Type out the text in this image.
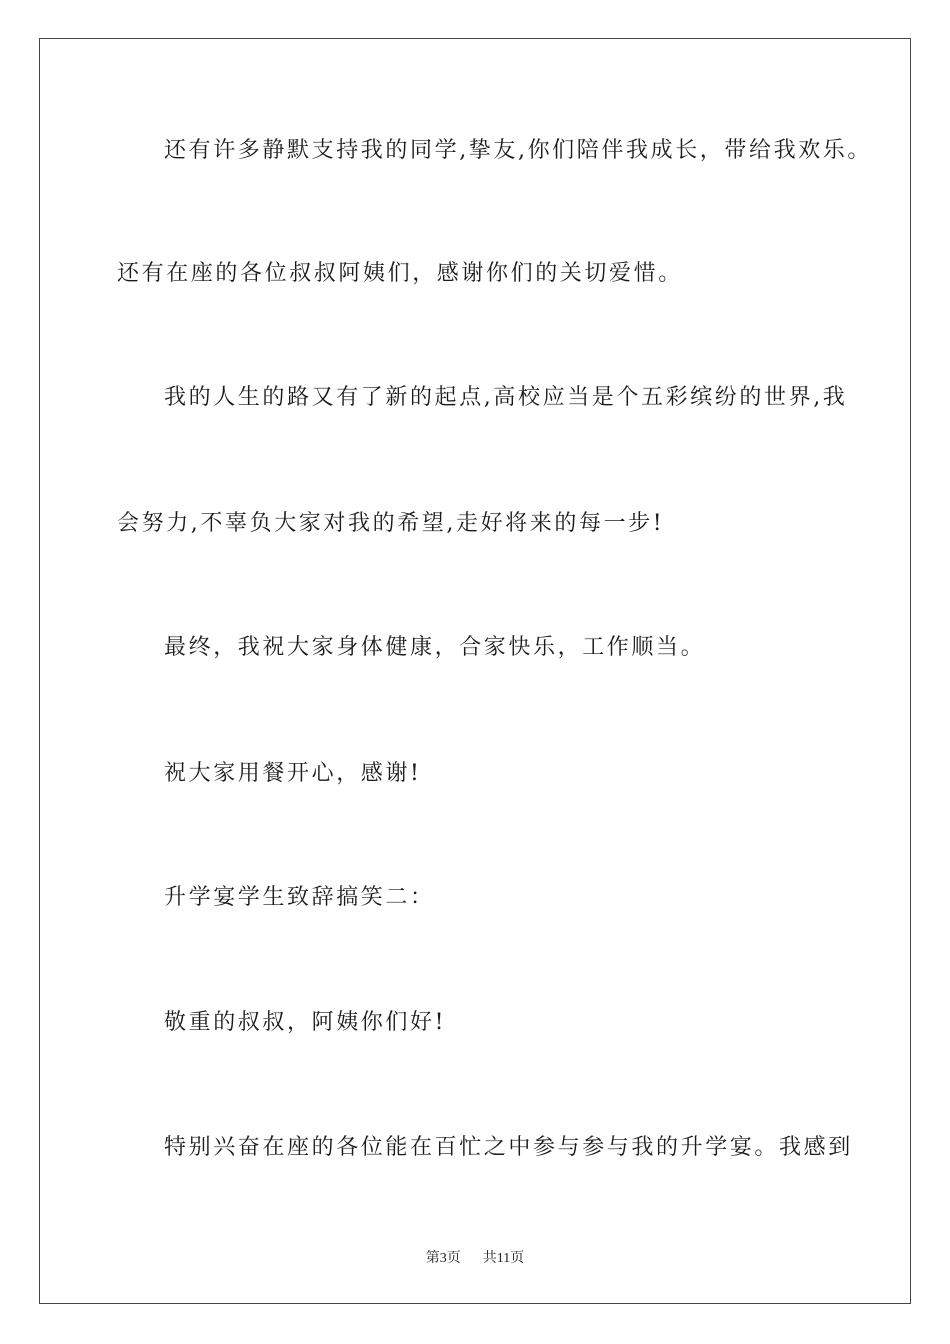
还有许多静默支持我的同学,挚友,你们陪伴我成长，带给我欢乐。
还有在座的各位叔叔阿姨们，感谢你们的关切爱惜。
我的人生的路又有了新的起点,高校应当是个五彩缤纷的世界,我
会努力,不辜负大家对我的希望,走好将来的每一步!
最终，我祝大家身体健康，合家快乐，工作顺当。
祝大家用餐开心，感谢!
升学宴学生致辞搞笑二：
敬重的叔叔，阿姨你们好!
特别兴奋在座的各位能在百忙之中参与参与我的升学宴。我感到
第3页 共11页
